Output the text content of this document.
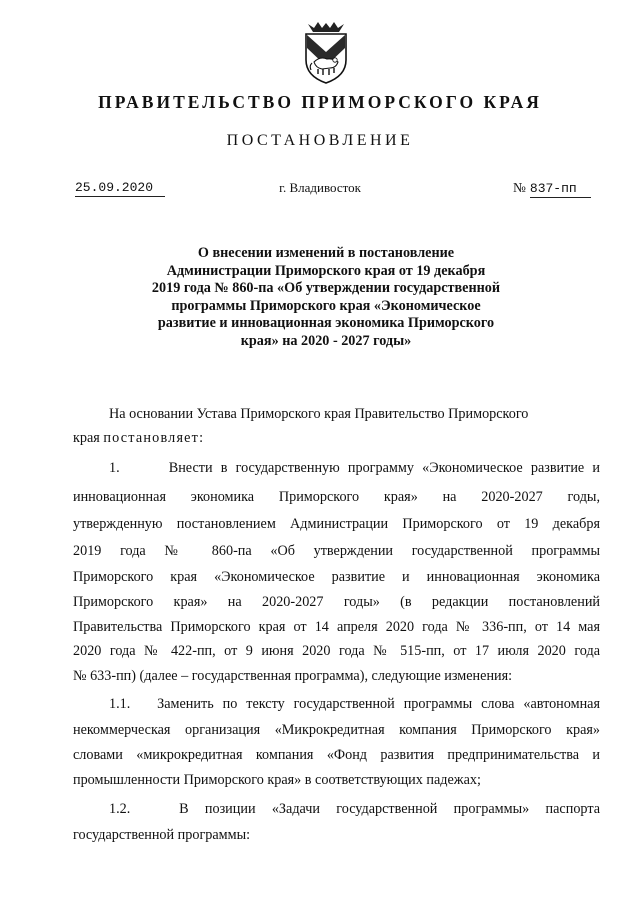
ПРАВИТЕЛЬСТВО ПРИМОРСКОГО КРАЯ
ПОСТАНОВЛЕНИЕ
25.09.2020	г. Владивосток	№ 837-пп
О внесении изменений в постановление
Администрации Приморского края от 19 декабря
2019 года № 860-па «Об утверждении государственной
программы Приморского края «Экономическое
развитие и инновационная экономика Приморского
края» на 2020 - 2027 годы»
На основании Устава Приморского края Правительство Приморского
края постановляет:
1.      Внести в государственную программу «Экономическое развитие и
инновационная экономика Приморского края» на 2020-2027 годы,
утвержденную постановлением Администрации Приморского от 19 декабря
2019 года № 860-па «Об утверждении государственной программы
Приморского края «Экономическое развитие и инновационная экономика
Приморского края» на 2020-2027 годы» (в редакции постановлений
Правительства Приморского края от 14 апреля 2020 года № 336-пп, от 14 мая
2020 года № 422-пп, от 9 июня 2020 года № 515-пп, от 17 июля 2020 года
№ 633-пп) (далее – государственная программа), следующие изменения:
1.1.   Заменить по тексту государственной программы слова «автономная
некоммерческая организация «Микрокредитная компания Приморского края»
словами «микрокредитная компания «Фонд развития предпринимательства и
промышленности Приморского края» в соответствующих падежах;
1.2.   В позиции «Задачи государственной программы» паспорта
государственной программы:
